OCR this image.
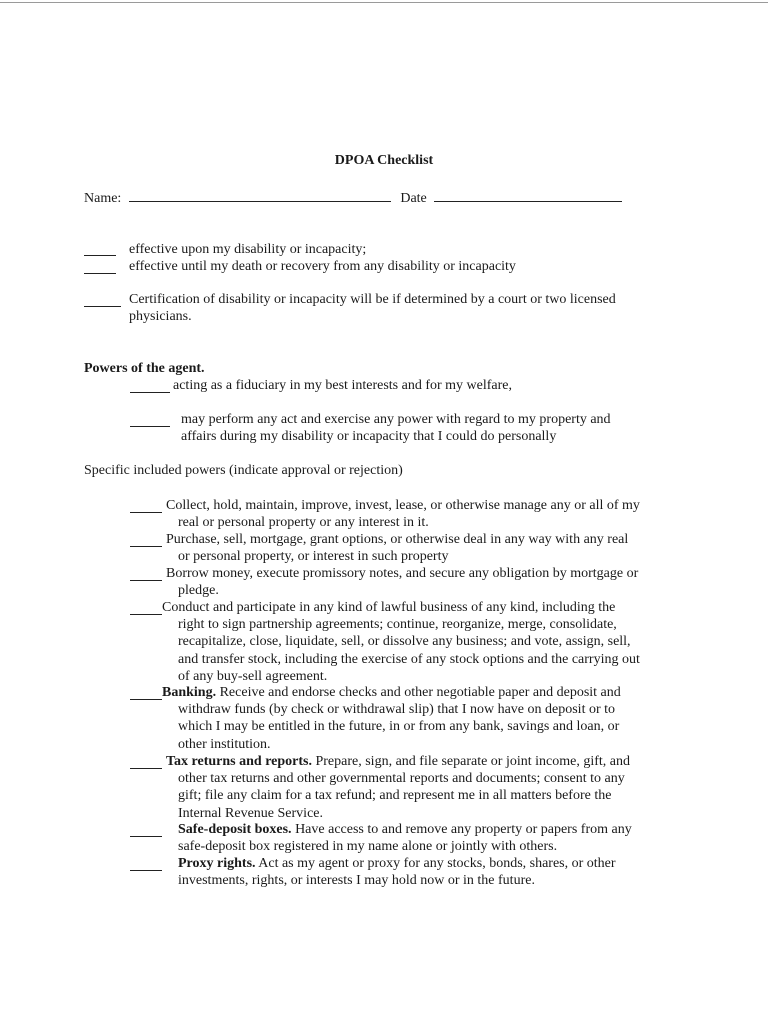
DPOA Checklist
Name:	Date
effective upon my disability or incapacity;
effective until my death or recovery from any disability or incapacity
Certification of disability or incapacity will be if determined by a court or two licensed
physicians.
Powers of the agent.
acting as a fiduciary in my best interests and for my welfare,
may perform any act and exercise any power with regard to my property and
affairs during my disability or incapacity that I could do personally
Specific included powers (indicate approval or rejection)
Collect, hold, maintain, improve, invest, lease, or otherwise manage any or all of my
real or personal property or any interest in it.
Purchase, sell, mortgage, grant options, or otherwise deal in any way with any real
or personal property, or interest in such property
Borrow money, execute promissory notes, and secure any obligation by mortgage or
pledge.
Conduct and participate in any kind of lawful business of any kind, including the
right to sign partnership agreements; continue, reorganize, merge, consolidate,
recapitalize, close, liquidate, sell, or dissolve any business; and vote, assign, sell,
and transfer stock, including the exercise of any stock options and the carrying out
of any buy-sell agreement.
Banking. Receive and endorse checks and other negotiable paper and deposit and
withdraw funds (by check or withdrawal slip) that I now have on deposit or to
which I may be entitled in the future, in or from any bank, savings and loan, or
other institution.
Tax returns and reports. Prepare, sign, and file separate or joint income, gift, and
other tax returns and other governmental reports and documents; consent to any
gift; file any claim for a tax refund; and represent me in all matters before the
Internal Revenue Service.
Safe-deposit boxes. Have access to and remove any property or papers from any
safe-deposit box registered in my name alone or jointly with others.
Proxy rights. Act as my agent or proxy for any stocks, bonds, shares, or other
investments, rights, or interests I may hold now or in the future.
